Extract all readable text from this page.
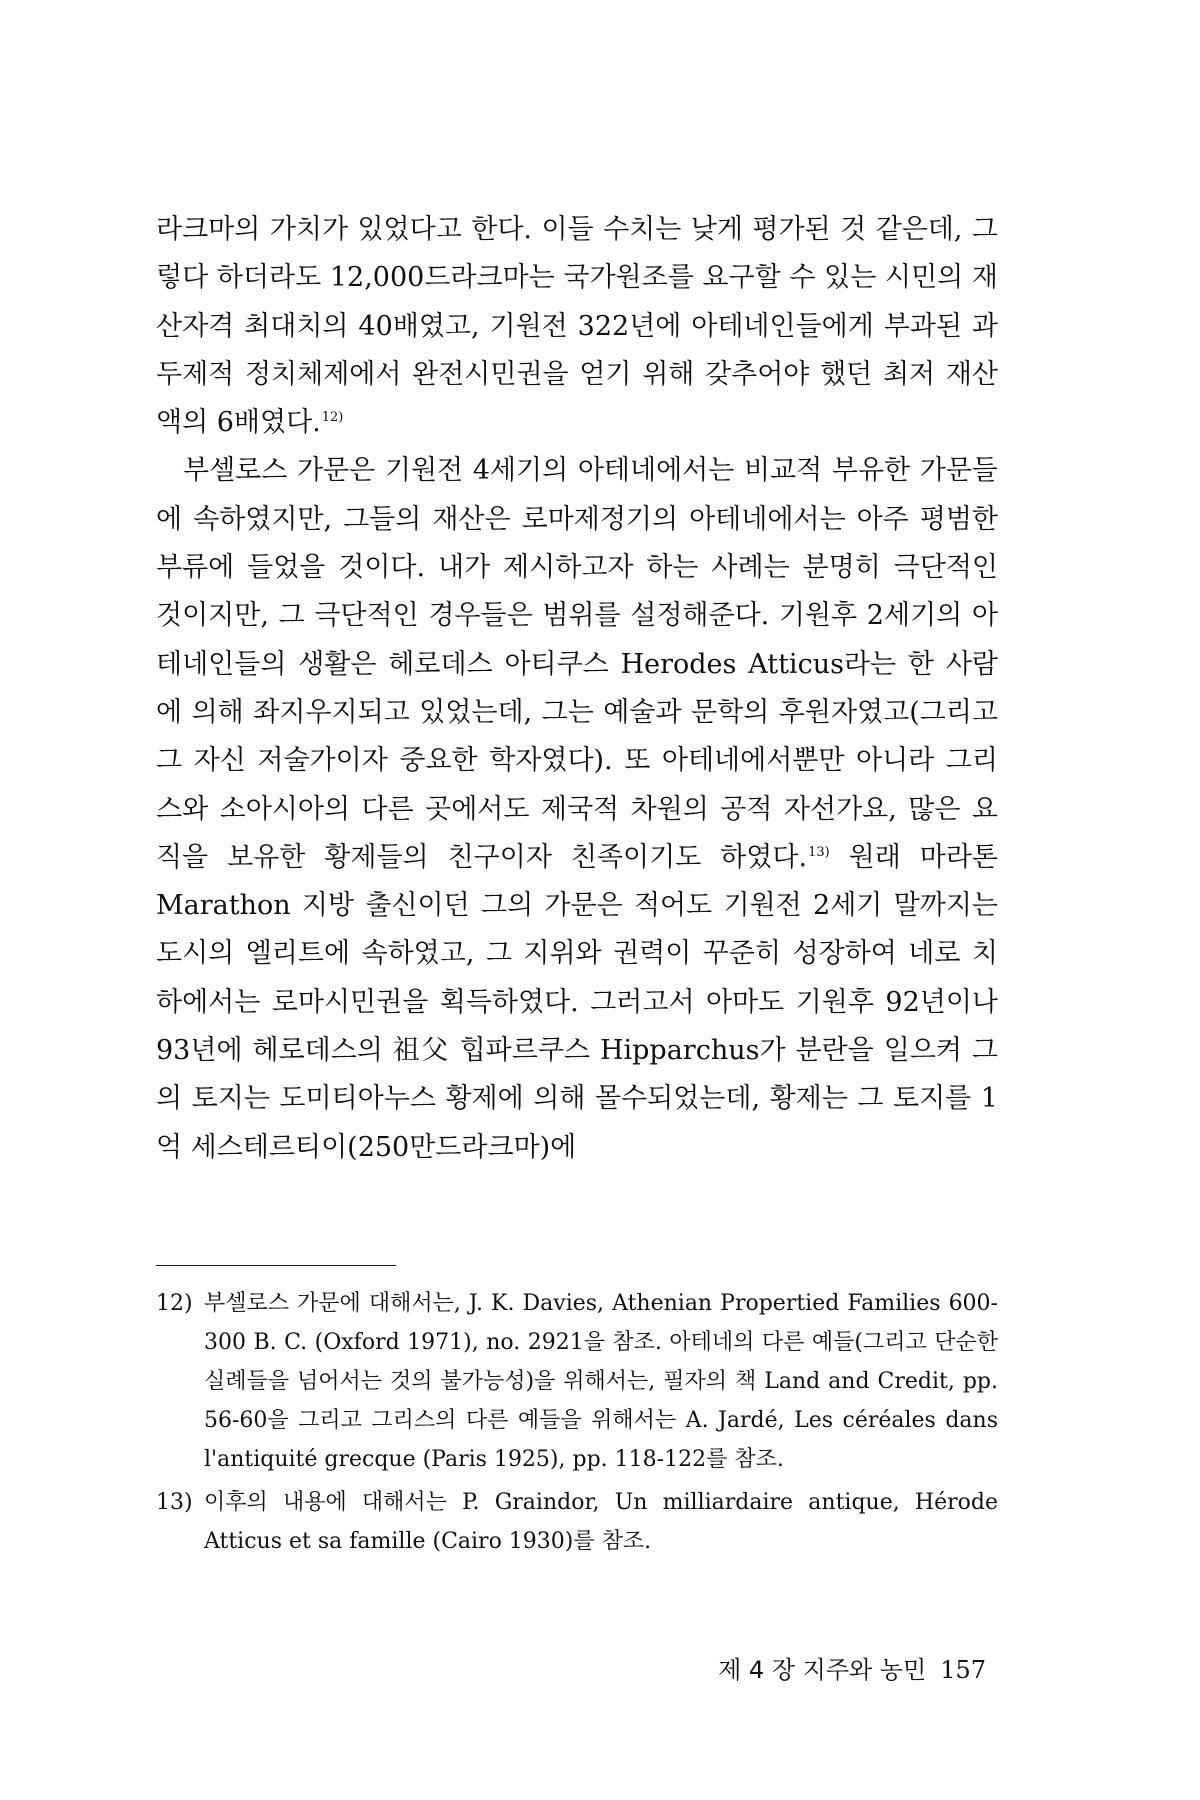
라크마의 가치가 있었다고 한다. 이들 수치는 낮게 평가된 것 같은데, 그렇다 하더라도 12,000드라크마는 국가원조를 요구할 수 있는 시민의 재산자격 최대치의 40배였고, 기원전 322년에 아테네인들에게 부과된 과두제적 정치체제에서 완전시민권을 얻기 위해 갖추어야 했던 최저 재산액의 6배였다.$^{12)}$

부셀로스 가문은 기원전 4세기의 아테네에서는 비교적 부유한 가문들에 속하였지만, 그들의 재산은 로마제정기의 아테네에서는 아주 평범한 부류에 들었을 것이다. 내가 제시하고자 하는 사례는 분명히 극단적인 것이지만, 그 극단적인 경우들은 범위를 설정해준다. 기원후 2세기의 아테네인들의 생활은 헤로데스 아티쿠스 Herodes Atticus라는 한 사람에 의해 좌지우지되고 있었는데, 그는 예술과 문학의 후원자였고(그리고 그 자신 저술가이자 중요한 학자였다). 또 아테네에서뿐만 아니라 그리스와 소아시아의 다른 곳에서도 제국적 차원의 공적 자선가요, 많은 요직을 보유한 황제들의 친구이자 친족이기도 하였다.$^{13)}$ 원래 마라톤 Marathon 지방 출신이던 그의 가문은 적어도 기원전 2세기 말까지는 도시의 엘리트에 속하였고, 그 지위와 권력이 꾸준히 성장하여 네로 치하에서는 로마시민권을 획득하였다. 그러고서 아마도 기원후 92년이나 93년에 헤로데스의 祖父 힙파르쿠스 Hipparchus가 분란을 일으켜 그의 토지는 도미티아누스 황제에 의해 몰수되었는데, 황제는 그 토지를 1억 세스테르티이(250만드라크마)에

12) 부셀로스 가문에 대해서는, J. K. Davies, Athenian Propertied Families 600-300 B. C. (Oxford 1971), no. 2921을 참조. 아테네의 다른 예들(그리고 단순한 실례들을 넘어서는 것의 불가능성)을 위해서는, 필자의 책 Land and Credit, pp. 56-60을 그리고 그리스의 다른 예들을 위해서는 A. Jardé, Les céréales dans l'antiquité grecque (Paris 1925), pp. 118-122를 참조.

13) 이후의 내용에 대해서는 P. Graindor, Un milliardaire antique, Hérode Atticus et sa famille (Cairo 1930)를 참조.

제 4 장 지주와 농민 157
